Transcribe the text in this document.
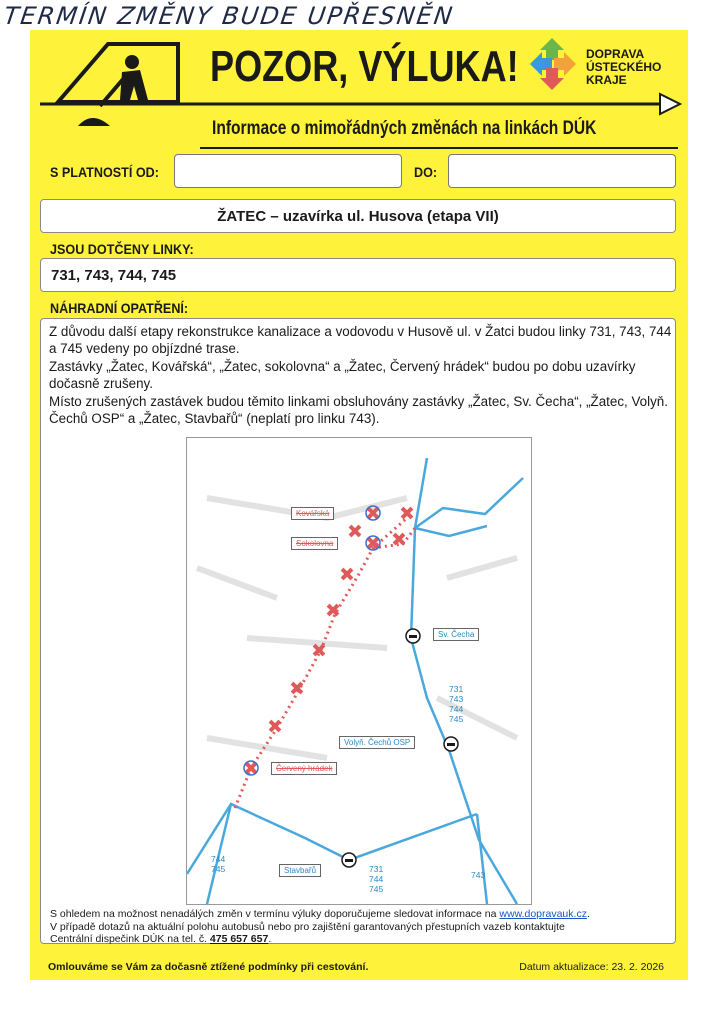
TERMÍN ZMĚNY BUDE UPŘESNĚN
POZOR, VÝLUKA!
Informace o mimořádných změnách na linkách DÚK
DOPRAVA
ÚSTECKÉHO
KRAJE
S PLATNOSTÍ OD:	DO:
ŽATEC – uzavírka ul. Husova (etapa VII)
JSOU DOTČENY LINKY:
731, 743, 744, 745
NÁHRADNÍ OPATŘENÍ:

Z důvodu další etapy rekonstrukce kanalizace a vodovodu v Husově ul. v Žatci budou linky 731, 743, 744 a 745 vedeny po objízdné trase.

Zastávky „Žatec, Kovářská“, „Žatec, sokolovna“ a „Žatec, Červený hrádek“ budou po dobu uzavírky dočasně zrušeny.

Místo zrušených zastávek budou těmito linkami obsluhovány zastávky „Žatec, Sv. Čecha“, „Žatec, Volyň. Čechů OSP“ a „Žatec, Stavbařů“ (neplatí pro linku 743).

Kovářská
Sokolovna
Červený hrádek
Sv. Čecha
Volyň. Čechů OSP
Stavbařů
731
743
744
745
744
745	731
744
745
743
S ohledem na možnost nenadálých změn v termínu výluky doporučujeme sledovat informace na www.dopravauk.cz.
V případě dotazů na aktuální polohu autobusů nebo pro zajištění garantovaných přestupních vazeb kontaktujte
Centrální dispečink DÚK na tel. č. 475 657 657.
Omlouváme se Vám za dočasně ztížené podmínky při cestování.	Datum aktualizace: 23. 2. 2026
